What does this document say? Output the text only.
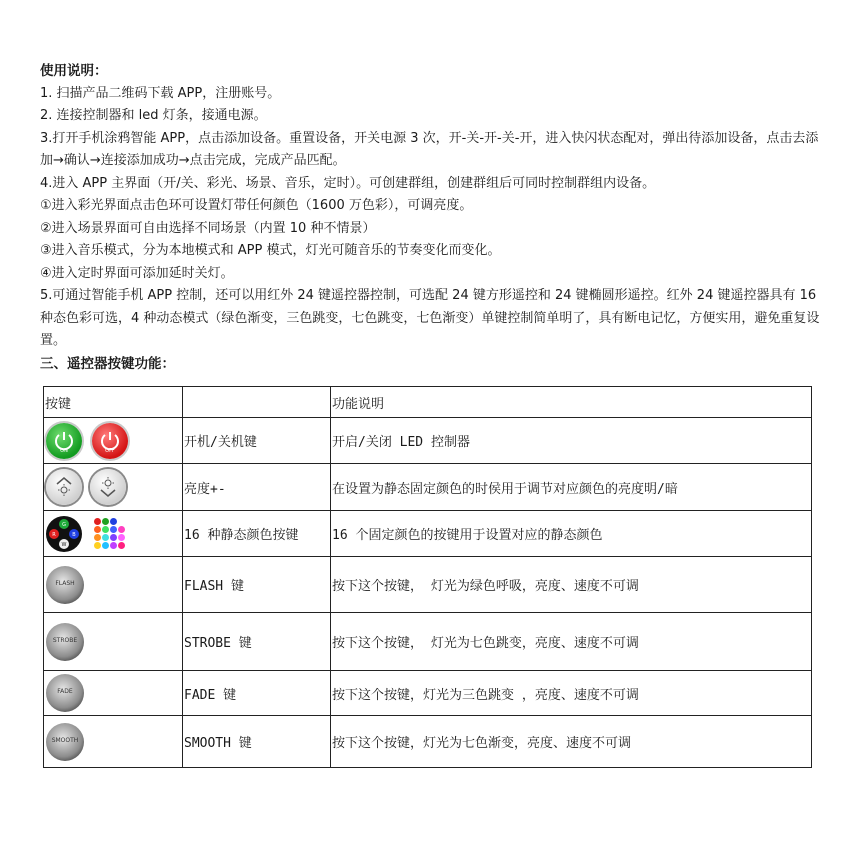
使用说明：
1. 扫描产品二维码下载 APP，注册账号。
2. 连接控制器和 led 灯条，接通电源。
3.打开手机涂鸦智能 APP，点击添加设备。重置设备，开关电源 3 次，开-关-开-关-开，进入快闪状态配对，弹出待添加设备，点击去添加→确认→连接添加成功→点击完成，完成产品匹配。
4.进入 APP 主界面（开/关、彩光、场景、音乐，定时）。可创建群组，创建群组后可同时控制群组内设备。
①进入彩光界面点击色环可设置灯带任何颜色（1600 万色彩），可调亮度。
②进入场景界面可自由选择不同场景（内置 10 种不情景）
③进入音乐模式，分为本地模式和 APP 模式，灯光可随音乐的节奏变化而变化。
④进入定时界面可添加延时关灯。
5.可通过智能手机 APP 控制，还可以用红外 24 键遥控器控制，可选配 24 键方形遥控和 24 键椭圆形遥控。红外 24 键遥控器具有 16 种态色彩可选，4 种动态模式（绿色渐变，三色跳变，七色跳变，七色渐变）单键控制简单明了，具有断电记忆，方便实用，避免重复设置。
三、遥控器按键功能：
按键		功能说明

ON OFF	开机/关机键	开启/关闭 LED 控制器

	亮度+-	在设置为静态固定颜色的时侯用于调节对应颜色的亮度明/暗

G
R B
W	16 种静态颜色按键	16 个固定颜色的按键用于设置对应的静态颜色

FLASH	FLASH 键	按下这个按键， 灯光为绿色呼吸，亮度、速度不可调

STROBE	STROBE 键	按下这个按键， 灯光为七色跳变，亮度、速度不可调

FADE	FADE 键	按下这个按键，灯光为三色跳变 ，亮度、速度不可调

SMOOTH	SMOOTH 键	按下这个按键，灯光为七色渐变，亮度、速度不可调
